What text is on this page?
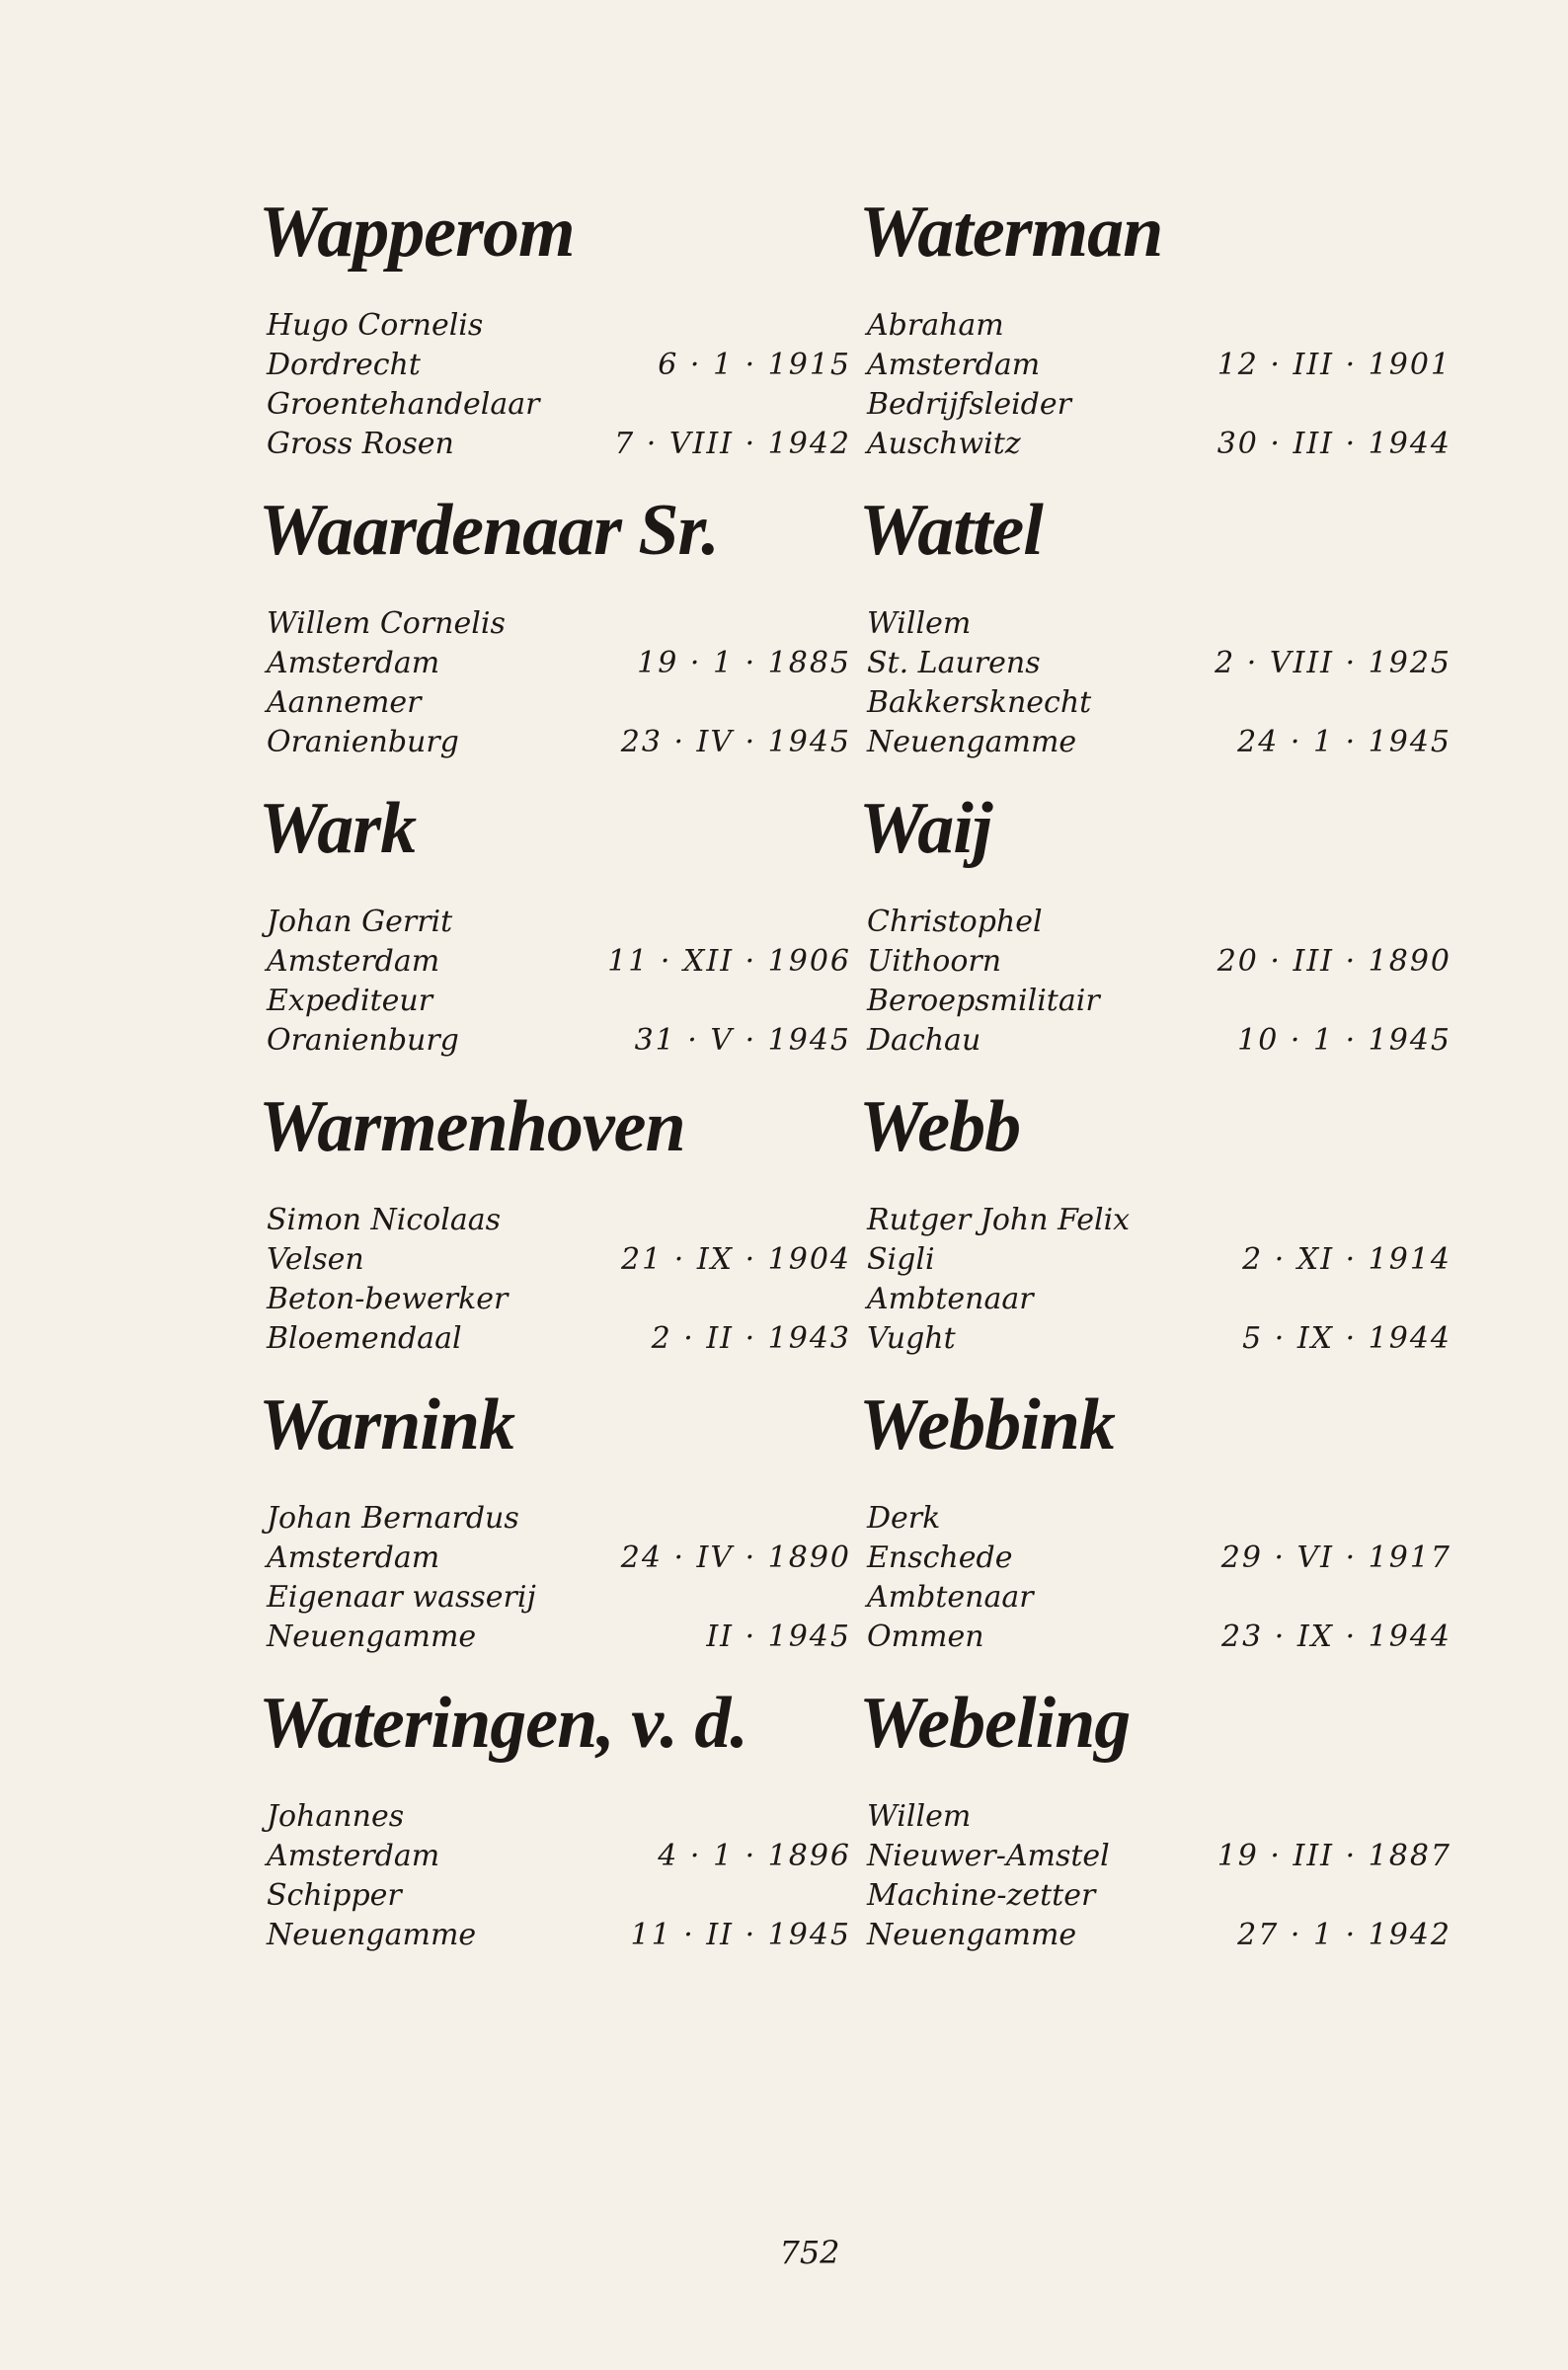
Wapperom
Hugo Cornelis
Dordrecht	6 · 1 · 1915
Groentehandelaar
Gross Rosen	7 · VIII · 1942
Waardenaar Sr.
Willem Cornelis
Amsterdam	19 · 1 · 1885
Aannemer
Oranienburg	23 · IV · 1945
Wark
Johan Gerrit
Amsterdam	11 · XII · 1906
Expediteur
Oranienburg	31 · V · 1945
Warmenhoven
Simon Nicolaas
Velsen	21 · IX · 1904
Beton-bewerker
Bloemendaal	2 · II · 1943
Warnink
Johan Bernardus
Amsterdam	24 · IV · 1890
Eigenaar wasserij
Neuengamme	II · 1945
Wateringen, v. d.
Johannes
Amsterdam	4 · 1 · 1896
Schipper
Neuengamme	11 · II · 1945
Waterman
Abraham
Amsterdam	12 · III · 1901
Bedrijfsleider
Auschwitz	30 · III · 1944
Wattel
Willem
St. Laurens	2 · VIII · 1925
Bakkersknecht
Neuengamme	24 · 1 · 1945
Waij
Christophel
Uithoorn	20 · III · 1890
Beroepsmilitair
Dachau	10 · 1 · 1945
Webb
Rutger John Felix
Sigli	2 · XI · 1914
Ambtenaar
Vught	5 · IX · 1944
Webbink
Derk
Enschede	29 · VI · 1917
Ambtenaar
Ommen	23 · IX · 1944
Webeling
Willem
Nieuwer-Amstel	19 · III · 1887
Machine-zetter
Neuengamme	27 · 1 · 1942
752
